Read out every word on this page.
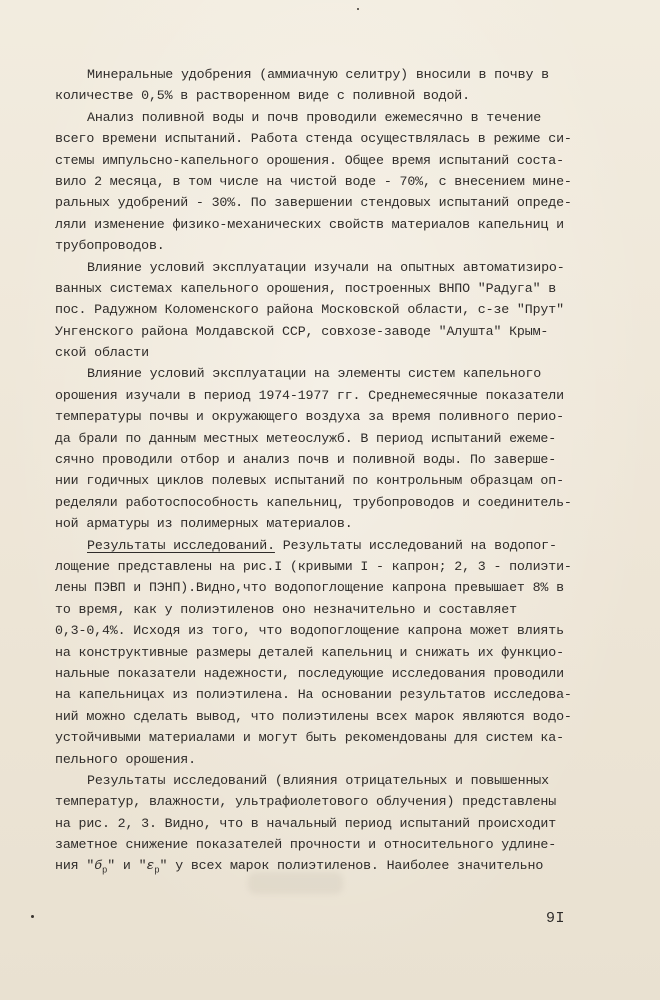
Минеральные удобрения (аммиачную селитру) вносили в почву в
количестве 0,5% в растворенном виде с поливной водой.
Анализ поливной воды и почв проводили ежемесячно в течение
всего времени испытаний. Работа стенда осуществлялась в режиме си-
стемы импульсно-капельного орошения. Общее время испытаний соста-
вило 2 месяца, в том числе на чистой воде - 70%, с внесением мине-
ральных удобрений - 30%. По завершении стендовых испытаний опреде-
ляли изменение физико-механических свойств материалов капельниц и
трубопроводов.
Влияние условий эксплуатации изучали на опытных автоматизиро-
ванных системах капельного орошения, построенных ВНПО "Радуга" в
пос. Радужном Коломенского района Московской области, с-зе "Прут"
Унгенского района Молдавской ССР, совхозе-заводе "Алушта" Крым-
ской области
Влияние условий эксплуатации на элементы систем капельного
орошения изучали в период 1974-1977 гг. Среднемесячные показатели
температуры почвы и окружающего воздуха за время поливного перио-
да брали по данным местных метеослужб. В период испытаний ежеме-
сячно проводили отбор и анализ почв и поливной воды. По заверше-
нии годичных циклов полевых испытаний по контрольным образцам оп-
ределяли работоспособность капельниц, трубопроводов и соединитель-
ной арматуры из полимерных материалов.
Результаты исследований. Результаты исследований на водопог-
лощение представлены на рис.I (кривыми I - капрон; 2, 3 - полиэти-
лены ПЭВП и ПЭНП).Видно,что водопоглощение капрона превышает 8% в
то время, как у полиэтиленов оно незначительно и составляет
0,3-0,4%. Исходя из того, что водопоглощение капрона может влиять
на конструктивные размеры деталей капельниц и снижать их функцио-
нальные показатели надежности, последующие исследования проводили
на капельницах из полиэтилена. На основании результатов исследова-
ний можно сделать вывод, что полиэтилены всех марок являются водо-
устойчивыми материалами и могут быть рекомендованы для систем ка-
пельного орошения.
Результаты исследований (влияния отрицательных и повышенных
температур, влажности, ультрафиолетового облучения) представлены
на рис. 2, 3. Видно, что в начальный период испытаний происходит
заметное снижение показателей прочности и относительного удлине-
ния "$б_р$" и "$\varepsilon_р$" у всех марок полиэтиленов. Наиболее значительно
9I
